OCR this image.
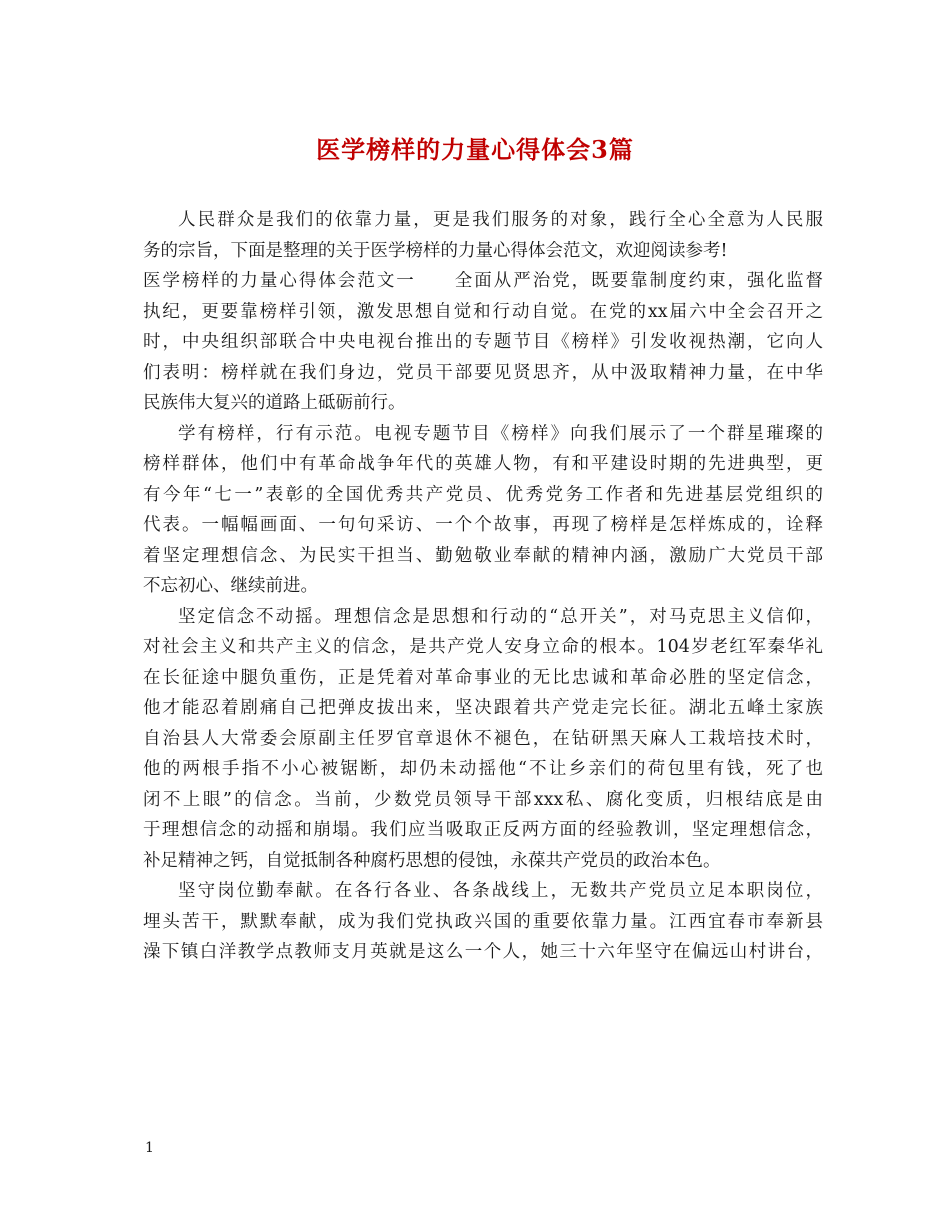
医学榜样的力量心得体会3篇
人民群众是我们的依靠力量，更是我们服务的对象，践行全心全意为人民服
务的宗旨，下面是整理的关于医学榜样的力量心得体会范文，欢迎阅读参考!
医学榜样的力量心得体会范文一　　全面从严治党，既要靠制度约束，强化监督
执纪，更要靠榜样引领，激发思想自觉和行动自觉。在党的xx届六中全会召开之
时，中央组织部联合中央电视台推出的专题节目《榜样》引发收视热潮，它向人
们表明：榜样就在我们身边，党员干部要见贤思齐，从中汲取精神力量，在中华
民族伟大复兴的道路上砥砺前行。
学有榜样，行有示范。电视专题节目《榜样》向我们展示了一个群星璀璨的
榜样群体，他们中有革命战争年代的英雄人物，有和平建设时期的先进典型，更
有今年“七一”表彰的全国优秀共产党员、优秀党务工作者和先进基层党组织的
代表。一幅幅画面、一句句采访、一个个故事，再现了榜样是怎样炼成的，诠释
着坚定理想信念、为民实干担当、勤勉敬业奉献的精神内涵，激励广大党员干部
不忘初心、继续前进。
坚定信念不动摇。理想信念是思想和行动的“总开关”，对马克思主义信仰，
对社会主义和共产主义的信念，是共产党人安身立命的根本。104岁老红军秦华礼
在长征途中腿负重伤，正是凭着对革命事业的无比忠诚和革命必胜的坚定信念，
他才能忍着剧痛自己把弹皮拔出来，坚决跟着共产党走完长征。湖北五峰土家族
自治县人大常委会原副主任罗官章退休不褪色，在钻研黑天麻人工栽培技术时，
他的两根手指不小心被锯断，却仍未动摇他“不让乡亲们的荷包里有钱，死了也
闭不上眼”的信念。当前，少数党员领导干部xxx私、腐化变质，归根结底是由
于理想信念的动摇和崩塌。我们应当吸取正反两方面的经验教训，坚定理想信念，
补足精神之钙，自觉抵制各种腐朽思想的侵蚀，永葆共产党员的政治本色。
坚守岗位勤奉献。在各行各业、各条战线上，无数共产党员立足本职岗位，
埋头苦干，默默奉献，成为我们党执政兴国的重要依靠力量。江西宜春市奉新县
澡下镇白洋教学点教师支月英就是这么一个人，她三十六年坚守在偏远山村讲台，
1
